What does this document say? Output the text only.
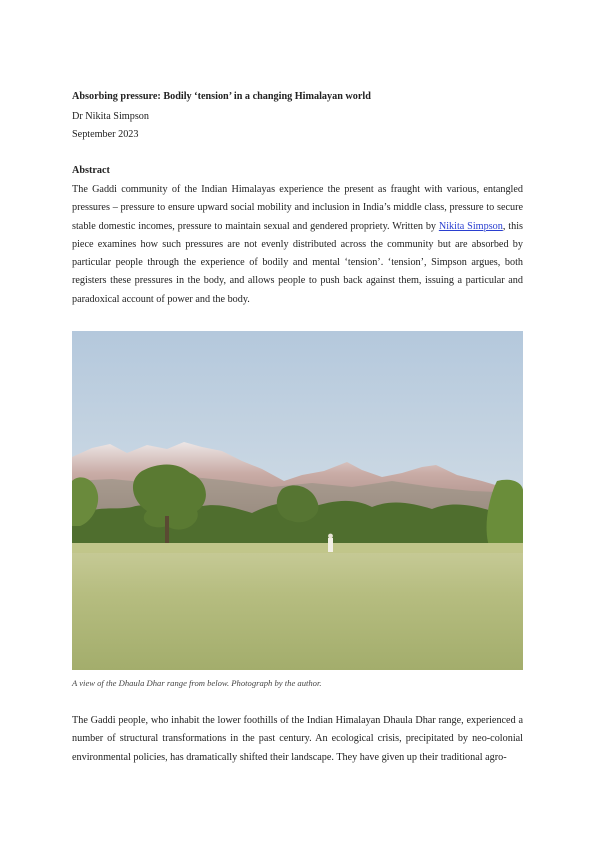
Absorbing pressure: Bodily ‘tension’ in a changing Himalayan world
Dr Nikita Simpson
September 2023
Abstract
The Gaddi community of the Indian Himalayas experience the present as fraught with various, entangled pressures – pressure to ensure upward social mobility and inclusion in India’s middle class, pressure to secure stable domestic incomes, pressure to maintain sexual and gendered propriety. Written by Nikita Simpson, this piece examines how such pressures are not evenly distributed across the community but are absorbed by particular people through the experience of bodily and mental ‘tension’. ‘tension’, Simpson argues, both registers these pressures in the body, and allows people to push back against them, issuing a particular and paradoxical account of power and the body.
A view of the Dhaula Dhar range from below. Photograph by the author.
The Gaddi people, who inhabit the lower foothills of the Indian Himalayan Dhaula Dhar range, experienced a number of structural transformations in the past century. An ecological crisis, precipitated by neo-colonial environmental policies, has dramatically shifted their landscape. They have given up their traditional agro-
